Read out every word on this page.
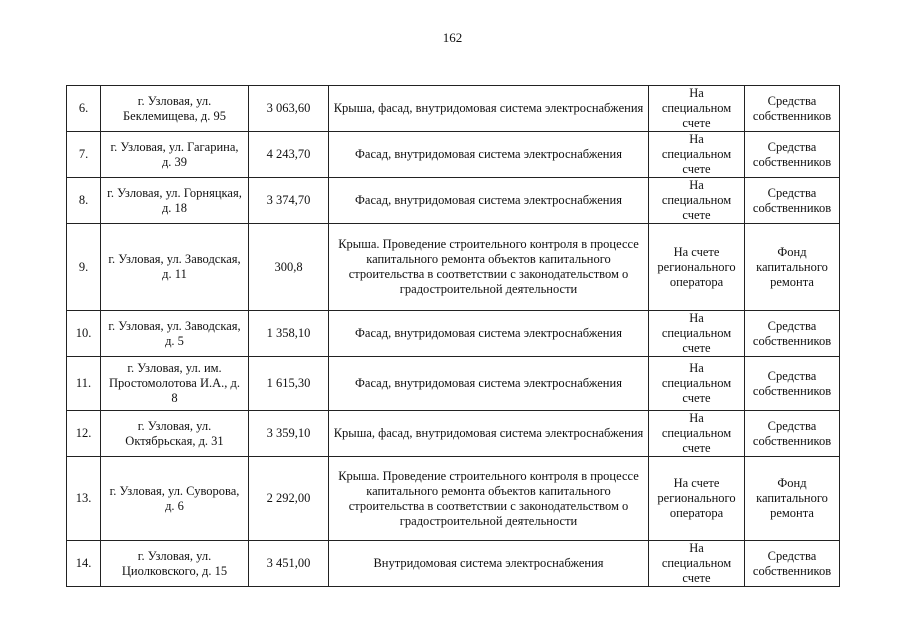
162
6.	г. Узловая, ул. Беклемищева, д. 95	3 063,60	Крыша, фасад, внутридомовая система электроснабжения	На специальном счете	Средства собственников
7.	г. Узловая, ул. Гагарина, д. 39	4 243,70	Фасад, внутридомовая система электроснабжения	На специальном счете	Средства собственников
8.	г. Узловая, ул. Горняцкая, д. 18	3 374,70	Фасад, внутридомовая система электроснабжения	На специальном счете	Средства собственников
9.	г. Узловая, ул. Заводская, д. 11	300,8	Крыша. Проведение строительного контроля в процессе капитального ремонта объектов капитального строительства в соответствии с законодательством о градостроительной деятельности	На счете регионального оператора	Фонд капитального ремонта
10.	г. Узловая, ул. Заводская, д. 5	1 358,10	Фасад, внутридомовая система электроснабжения	На специальном счете	Средства собственников
11.	г. Узловая, ул. им. Простомолотова И.А., д. 8	1 615,30	Фасад, внутридомовая система электроснабжения	На специальном счете	Средства собственников
12.	г. Узловая, ул. Октябрьская, д. 31	3 359,10	Крыша, фасад, внутридомовая система электроснабжения	На специальном счете	Средства собственников
13.	г. Узловая, ул. Суворова, д. 6	2 292,00	Крыша. Проведение строительного контроля в процессе капитального ремонта объектов капитального строительства в соответствии с законодательством о градостроительной деятельности	На счете регионального оператора	Фонд капитального ремонта
14.	г. Узловая, ул. Циолковского, д. 15	3 451,00	Внутридомовая система электроснабжения	На специальном счете	Средства собственников
